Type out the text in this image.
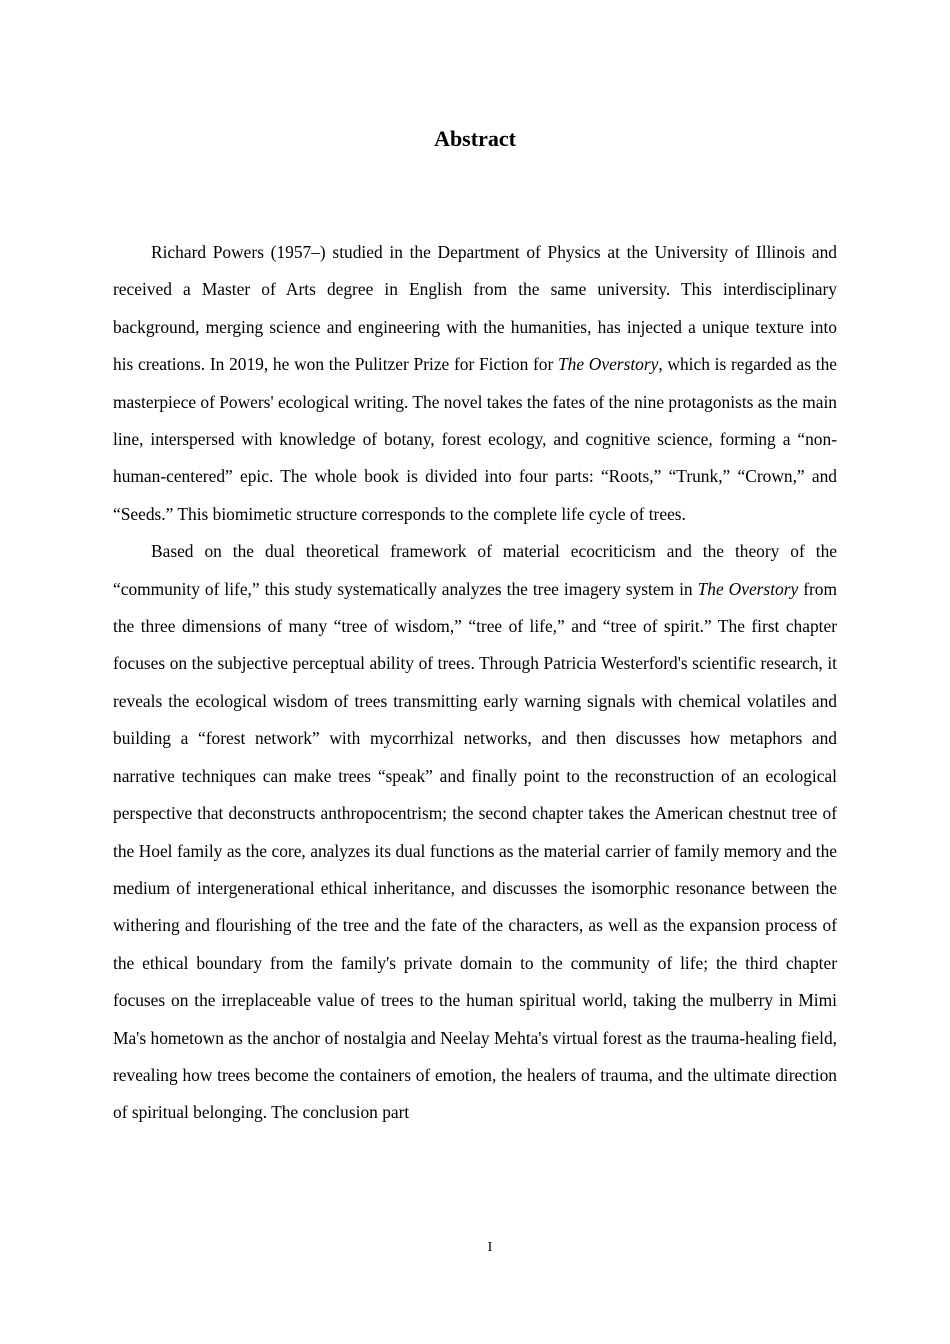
Abstract

Richard Powers (1957–) studied in the Department of Physics at the University of Illinois and received a Master of Arts degree in English from the same university. This interdisciplinary background, merging science and engineering with the humanities, has injected a unique texture into his creations. In 2019, he won the Pulitzer Prize for Fiction for The Overstory, which is regarded as the masterpiece of Powers' ecological writing. The novel takes the fates of the nine protagonists as the main line, interspersed with knowledge of botany, forest ecology, and cognitive science, forming a “non-human-centered” epic. The whole book is divided into four parts: “Roots,” “Trunk,” “Crown,” and “Seeds.” This biomimetic structure corresponds to the complete life cycle of trees.

Based on the dual theoretical framework of material ecocriticism and the theory of the “community of life,” this study systematically analyzes the tree imagery system in The Overstory from the three dimensions of many “tree of wisdom,” “tree of life,” and “tree of spirit.” The first chapter focuses on the subjective perceptual ability of trees. Through Patricia Westerford's scientific research, it reveals the ecological wisdom of trees transmitting early warning signals with chemical volatiles and building a “forest network” with mycorrhizal networks, and then discusses how metaphors and narrative techniques can make trees “speak” and finally point to the reconstruction of an ecological perspective that deconstructs anthropocentrism; the second chapter takes the American chestnut tree of the Hoel family as the core, analyzes its dual functions as the material carrier of family memory and the medium of intergenerational ethical inheritance, and discusses the isomorphic resonance between the withering and flourishing of the tree and the fate of the characters, as well as the expansion process of the ethical boundary from the family's private domain to the community of life; the third chapter focuses on the irreplaceable value of trees to the human spiritual world, taking the mulberry in Mimi Ma's hometown as the anchor of nostalgia and Neelay Mehta's virtual forest as the trauma-healing field, revealing how trees become the containers of emotion, the healers of trauma, and the ultimate direction of spiritual belonging. The conclusion part

I
